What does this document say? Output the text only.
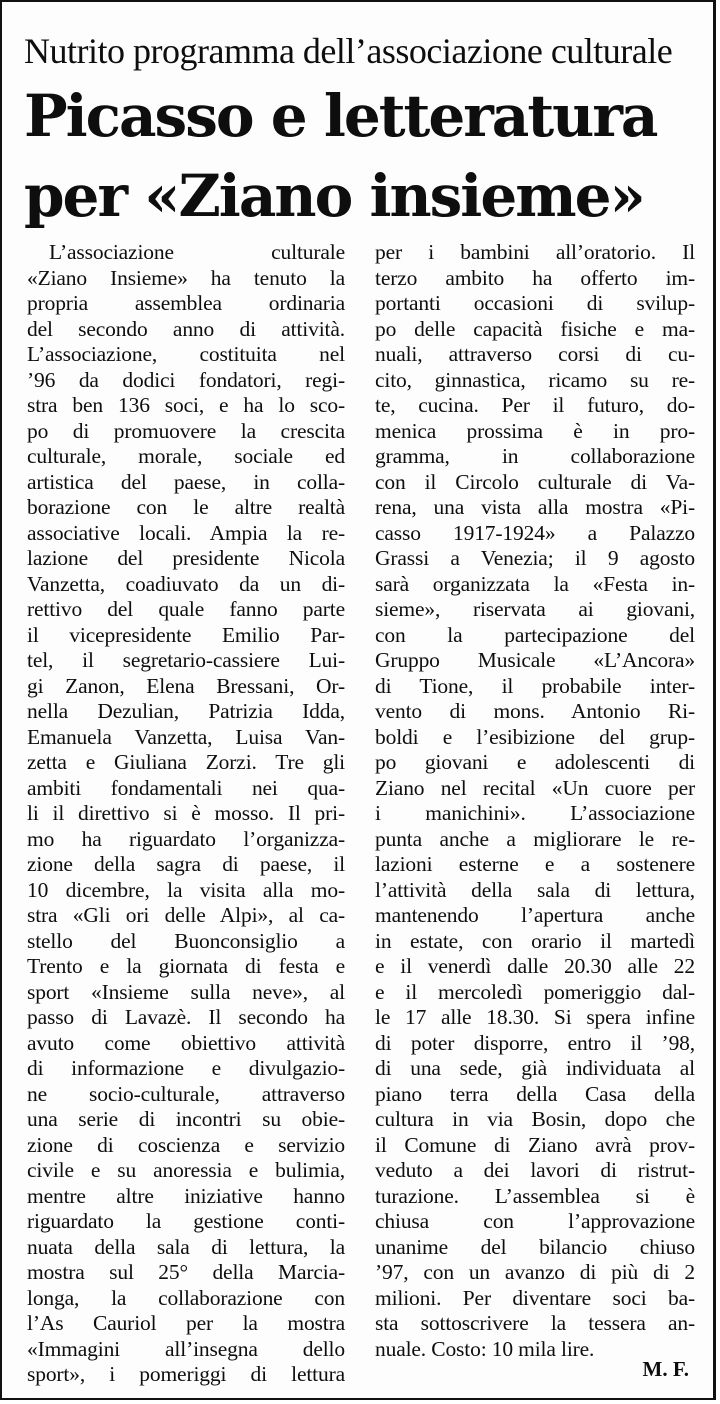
Nutrito programma dell’associazione culturale
Picasso e letteratura
per «Ziano insieme»
L’associazione culturale
«Ziano Insieme» ha tenuto la
propria assemblea ordinaria
del secondo anno di attività.
L’associazione, costituita nel
’96 da dodici fondatori, regi-
stra ben 136 soci, e ha lo sco-
po di promuovere la crescita
culturale, morale, sociale ed
artistica del paese, in colla-
borazione con le altre realtà
associative locali. Ampia la re-
lazione del presidente Nicola
Vanzetta, coadiuvato da un di-
rettivo del quale fanno parte
il vicepresidente Emilio Par-
tel, il segretario-cassiere Lui-
gi Zanon, Elena Bressani, Or-
nella Dezulian, Patrizia Idda,
Emanuela Vanzetta, Luisa Van-
zetta e Giuliana Zorzi. Tre gli
ambiti fondamentali nei qua-
li il direttivo si è mosso. Il pri-
mo ha riguardato l’organizza-
zione della sagra di paese, il
10 dicembre, la visita alla mo-
stra «Gli ori delle Alpi», al ca-
stello del Buonconsiglio a
Trento e la giornata di festa e
sport «Insieme sulla neve», al
passo di Lavazè. Il secondo ha
avuto come obiettivo attività
di informazione e divulgazio-
ne socio-culturale, attraverso
una serie di incontri su obie-
zione di coscienza e servizio
civile e su anoressia e bulimia,
mentre altre iniziative hanno
riguardato la gestione conti-
nuata della sala di lettura, la
mostra sul 25° della Marcia-
longa, la collaborazione con
l’As Cauriol per la mostra
«Immagini all’insegna dello
sport», i pomeriggi di lettura
per i bambini all’oratorio. Il
terzo ambito ha offerto im-
portanti occasioni di svilup-
po delle capacità fisiche e ma-
nuali, attraverso corsi di cu-
cito, ginnastica, ricamo su re-
te, cucina. Per il futuro, do-
menica prossima è in pro-
gramma, in collaborazione
con il Circolo culturale di Va-
rena, una vista alla mostra «Pi-
casso 1917-1924» a Palazzo
Grassi a Venezia; il 9 agosto
sarà organizzata la «Festa in-
sieme», riservata ai giovani,
con la partecipazione del
Gruppo Musicale «L’Ancora»
di Tione, il probabile inter-
vento di mons. Antonio Ri-
boldi e l’esibizione del grup-
po giovani e adolescenti di
Ziano nel recital «Un cuore per
i manichini». L’associazione
punta anche a migliorare le re-
lazioni esterne e a sostenere
l’attività della sala di lettura,
mantenendo l’apertura anche
in estate, con orario il martedì
e il venerdì dalle 20.30 alle 22
e il mercoledì pomeriggio dal-
le 17 alle 18.30. Si spera infine
di poter disporre, entro il ’98,
di una sede, già individuata al
piano terra della Casa della
cultura in via Bosin, dopo che
il Comune di Ziano avrà prov-
veduto a dei lavori di ristrut-
turazione. L’assemblea si è
chiusa con l’approvazione
unanime del bilancio chiuso
’97, con un avanzo di più di 2
milioni. Per diventare soci ba-
sta sottoscrivere la tessera an-
nuale. Costo: 10 mila lire.
M. F.
